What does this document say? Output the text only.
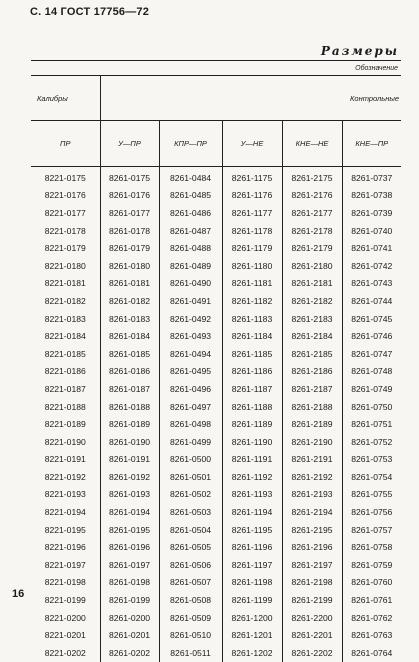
С. 14 ГОСТ 17756—72
Размеры
Обозначение					
Калибры	Контрольные				
ПР	У—ПР	КПР—ПР	У—НЕ	КНЕ—НЕ	КНЕ—ПР
8221-0175	8261-0175	8261-0484	8261-1175	8261-2175	8261-0737
8221-0176	8261-0176	8261-0485	8261-1176	8261-2176	8261-0738
8221-0177	8261-0177	8261-0486	8261-1177	8261-2177	8261-0739
8221-0178	8261-0178	8261-0487	8261-1178	8261-2178	8261-0740
8221-0179	8261-0179	8261-0488	8261-1179	8261-2179	8261-0741
8221-0180	8261-0180	8261-0489	8261-1180	8261-2180	8261-0742
8221-0181	8261-0181	8261-0490	8261-1181	8261-2181	8261-0743
8221-0182	8261-0182	8261-0491	8261-1182	8261-2182	8261-0744
8221-0183	8261-0183	8261-0492	8261-1183	8261-2183	8261-0745
8221-0184	8261-0184	8261-0493	8261-1184	8261-2184	8261-0746
8221-0185	8261-0185	8261-0494	8261-1185	8261-2185	8261-0747
8221-0186	8261-0186	8261-0495	8261-1186	8261-2186	8261-0748
8221-0187	8261-0187	8261-0496	8261-1187	8261-2187	8261-0749
8221-0188	8261-0188	8261-0497	8261-1188	8261-2188	8261-0750
8221-0189	8261-0189	8261-0498	8261-1189	8261-2189	8261-0751
8221-0190	8261-0190	8261-0499	8261-1190	8261-2190	8261-0752
8221-0191	8261-0191	8261-0500	8261-1191	8261-2191	8261-0753
8221-0192	8261-0192	8261-0501	8261-1192	8261-2192	8261-0754
8221-0193	8261-0193	8261-0502	8261-1193	8261-2193	8261-0755
8221-0194	8261-0194	8261-0503	8261-1194	8261-2194	8261-0756
8221-0195	8261-0195	8261-0504	8261-1195	8261-2195	8261-0757
8221-0196	8261-0196	8261-0505	8261-1196	8261-2196	8261-0758
8221-0197	8261-0197	8261-0506	8261-1197	8261-2197	8261-0759
8221-0198	8261-0198	8261-0507	8261-1198	8261-2198	8261-0760
8221-0199	8261-0199	8261-0508	8261-1199	8261-2199	8261-0761
8221-0200	8261-0200	8261-0509	8261-1200	8261-2200	8261-0762
8221-0201	8261-0201	8261-0510	8261-1201	8261-2201	8261-0763
8221-0202	8261-0202	8261-0511	8261-1202	8261-2202	8261-0764
16
